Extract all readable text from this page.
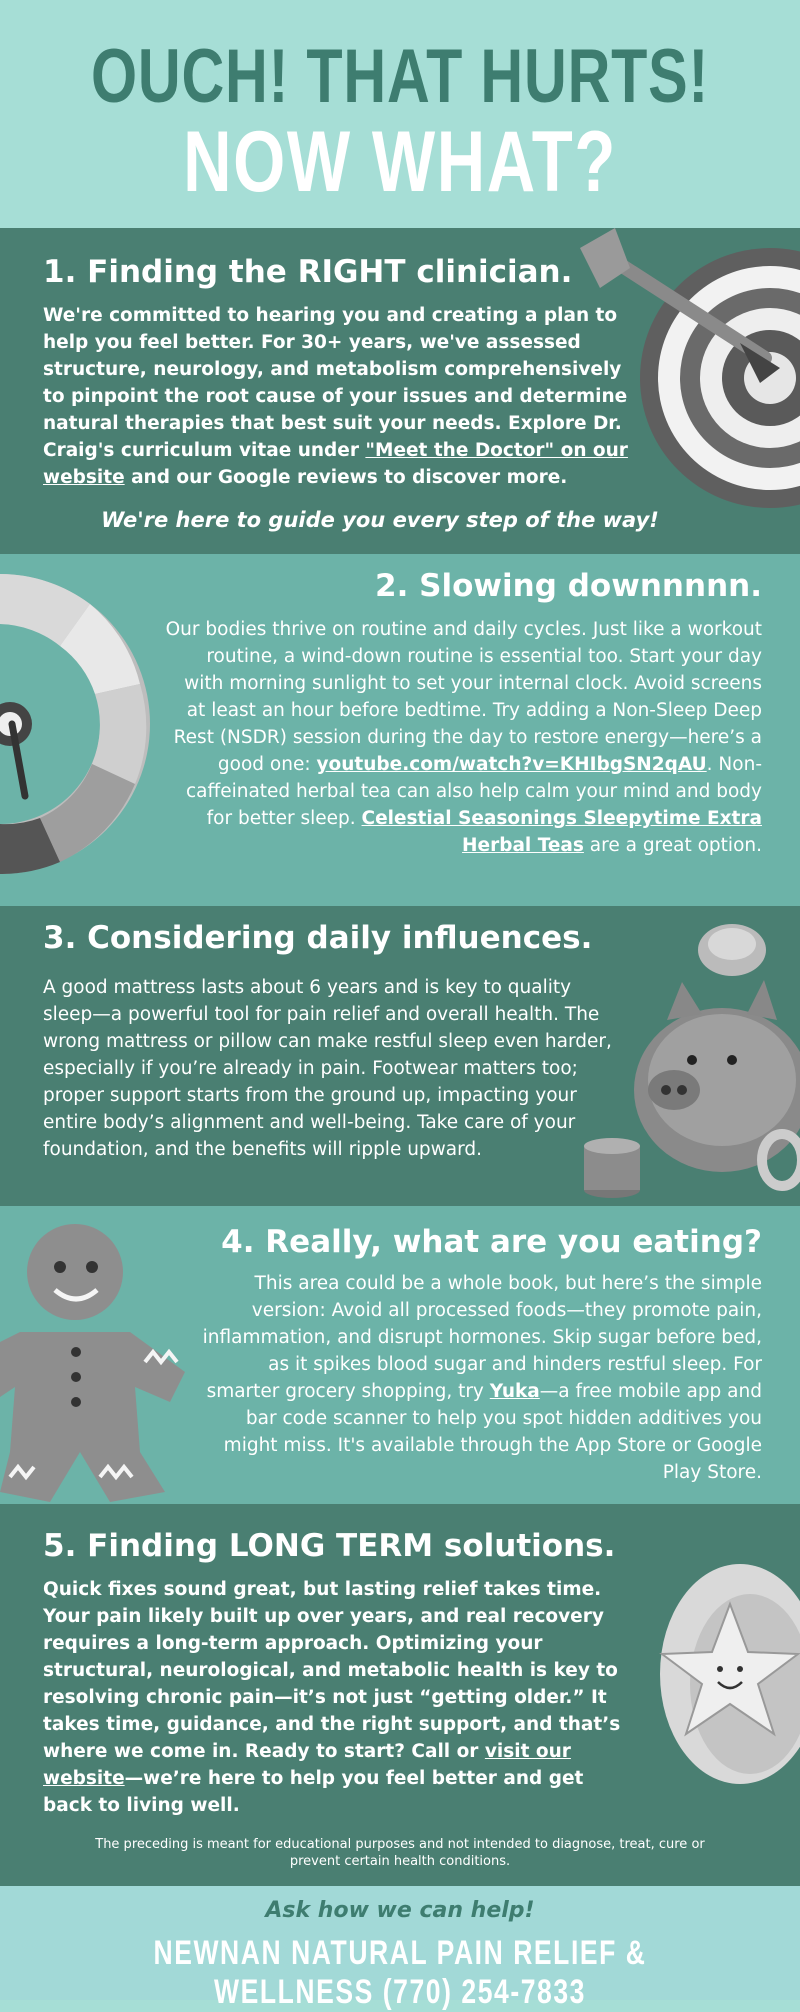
OUCH! THAT HURTS!
NOW WHAT?
1. Finding the RIGHT clinician.
We're committed to hearing you and creating a plan to help you feel better. For 30+ years, we've assessed structure, neurology, and metabolism comprehensively to pinpoint the root cause of your issues and determine natural therapies that best suit your needs. Explore Dr. Craig's curriculum vitae under "Meet the Doctor" on our website and our Google reviews to discover more.
We're here to guide you every step of the way!
2. Slowing downnnnn.
Our bodies thrive on routine and daily cycles. Just like a workout routine, a wind-down routine is essential too. Start your day with morning sunlight to set your internal clock. Avoid screens at least an hour before bedtime. Try adding a Non-Sleep Deep Rest (NSDR) session during the day to restore energy—here’s a good one: youtube.com/watch?v=KHIbgSN2qAU. Non-caffeinated herbal tea can also help calm your mind and body for better sleep. Celestial Seasonings Sleepytime Extra Herbal Teas are a great option.
3. Considering daily influences.
A good mattress lasts about 6 years and is key to quality sleep—a powerful tool for pain relief and overall health. The wrong mattress or pillow can make restful sleep even harder, especially if you’re already in pain. Footwear matters too; proper support starts from the ground up, impacting your entire body’s alignment and well-being. Take care of your foundation, and the benefits will ripple upward.
4. Really, what are you eating?
This area could be a whole book, but here’s the simple version: Avoid all processed foods—they promote pain, inflammation, and disrupt hormones. Skip sugar before bed, as it spikes blood sugar and hinders restful sleep. For smarter grocery shopping, try Yuka—a free mobile app and bar code scanner to help you spot hidden additives you might miss. It's available through the App Store or Google Play Store.
5. Finding LONG TERM solutions.
Quick fixes sound great, but lasting relief takes time. Your pain likely built up over years, and real recovery requires a long-term approach. Optimizing your structural, neurological, and metabolic health is key to resolving chronic pain—it’s not just “getting older.” It takes time, guidance, and the right support, and that’s where we come in. Ready to start? Call or visit our website—we’re here to help you feel better and get back to living well.
The preceding is meant for educational purposes and not intended to diagnose, treat, cure or prevent certain health conditions.
Ask how we can help!
NEWNAN NATURAL PAIN RELIEF & WELLNESS (770) 254-7833
